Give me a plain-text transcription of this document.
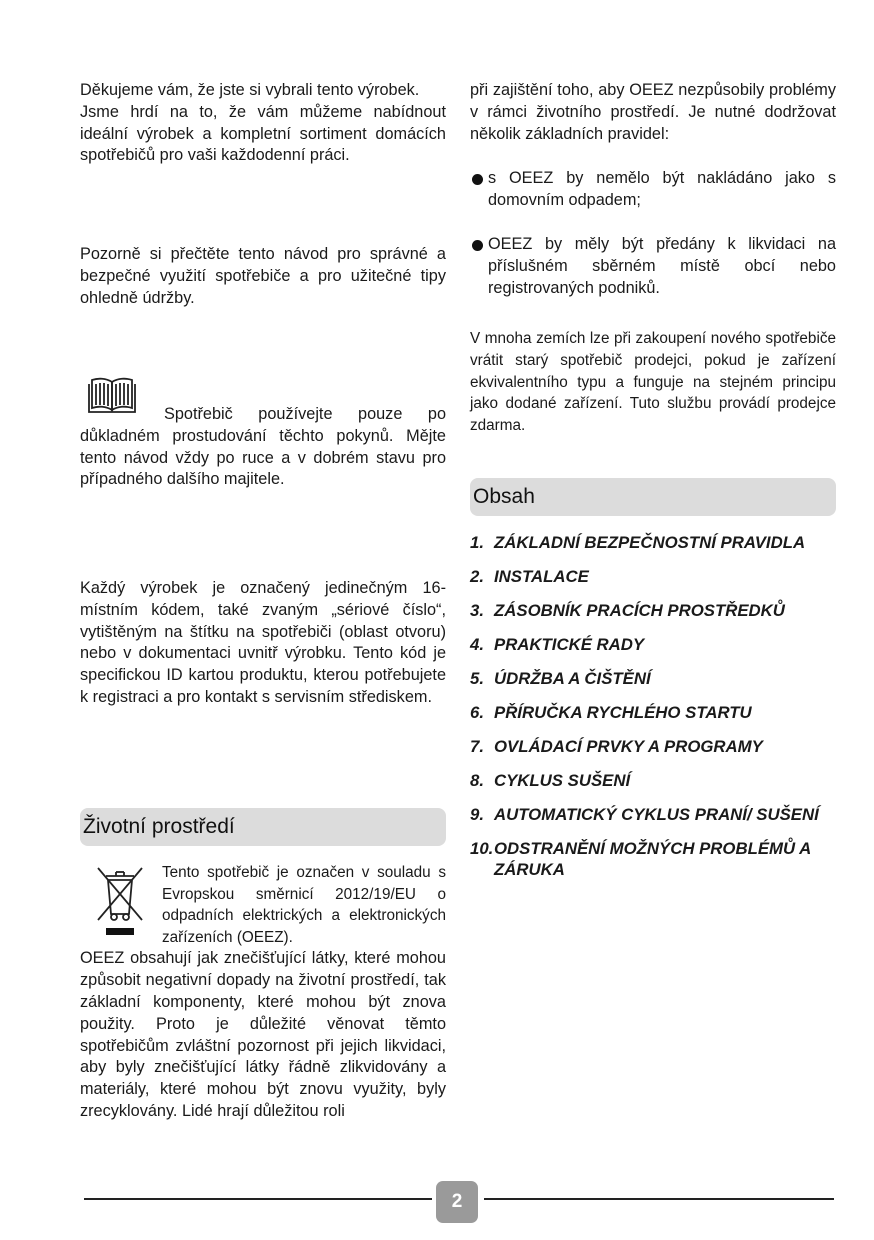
Děkujeme vám, že jste si vybrali tento výrobek.
Jsme hrdí na to, že vám můžeme nabídnout ideální výrobek a kompletní sortiment domácích spotřebičů pro vaši každodenní práci.

Pozorně si přečtěte tento návod pro správné a bezpečné využití spotřebiče a pro užitečné tipy ohledně údržby.

Spotřebič používejte pouze po důkladném prostudování těchto pokynů. Mějte tento návod vždy po ruce a v dobrém stavu pro případného dalšího majitele.

Každý výrobek je označený jedinečným 16-místním kódem, také zvaným „sériové číslo“, vytištěným na štítku na spotřebiči (oblast otvoru) nebo v dokumentaci uvnitř výrobku. Tento kód je specifickou ID kartou produktu, kterou potřebujete k registraci a pro kontakt s servisním střediskem.

Životní prostředí

Tento spotřebič je označen v souladu s Evropskou směrnicí 2012/19/EU o odpadních elektrických a elektronických zařízeních (OEEZ).

OEEZ obsahují jak znečišťující látky, které mohou způsobit negativní dopady na životní prostředí, tak základní komponenty, které mohou být znova použity. Proto je důležité věnovat těmto spotřebičům zvláštní pozornost při jejich likvidaci, aby byly znečišťující látky řádně zlikvidovány a materiály, které mohou být znovu využity, byly zrecyklovány. Lidé hrají důležitou roli

při zajištění toho, aby OEEZ nezpůsobily problémy v rámci životního prostředí. Je nutné dodržovat několik základních pravidel:

s OEEZ by nemělo být nakládáno jako s domovním odpadem;

OEEZ by měly být předány k likvidaci na příslušném sběrném místě obcí nebo registrovaných podniků.

V mnoha zemích lze při zakoupení nového spotřebiče vrátit starý spotřebič prodejci, pokud je zařízení ekvivalentního typu a funguje na stejném principu jako dodané zařízení. Tuto službu provádí prodejce zdarma.

Obsah
1. ZÁKLADNÍ BEZPEČNOSTNÍ PRAVIDLA
2. INSTALACE
3. ZÁSOBNÍK PRACÍCH PROSTŘEDKŮ
4. PRAKTICKÉ RADY
5. ÚDRŽBA A ČIŠTĚNÍ
6. PŘÍRUČKA RYCHLÉHO STARTU
7. OVLÁDACÍ PRVKY A PROGRAMY
8. CYKLUS SUŠENÍ
9. AUTOMATICKÝ CYKLUS PRANÍ/ SUŠENÍ
10. ODSTRANĚNÍ MOŽNÝCH PROBLÉMŮ A ZÁRUKA
2
